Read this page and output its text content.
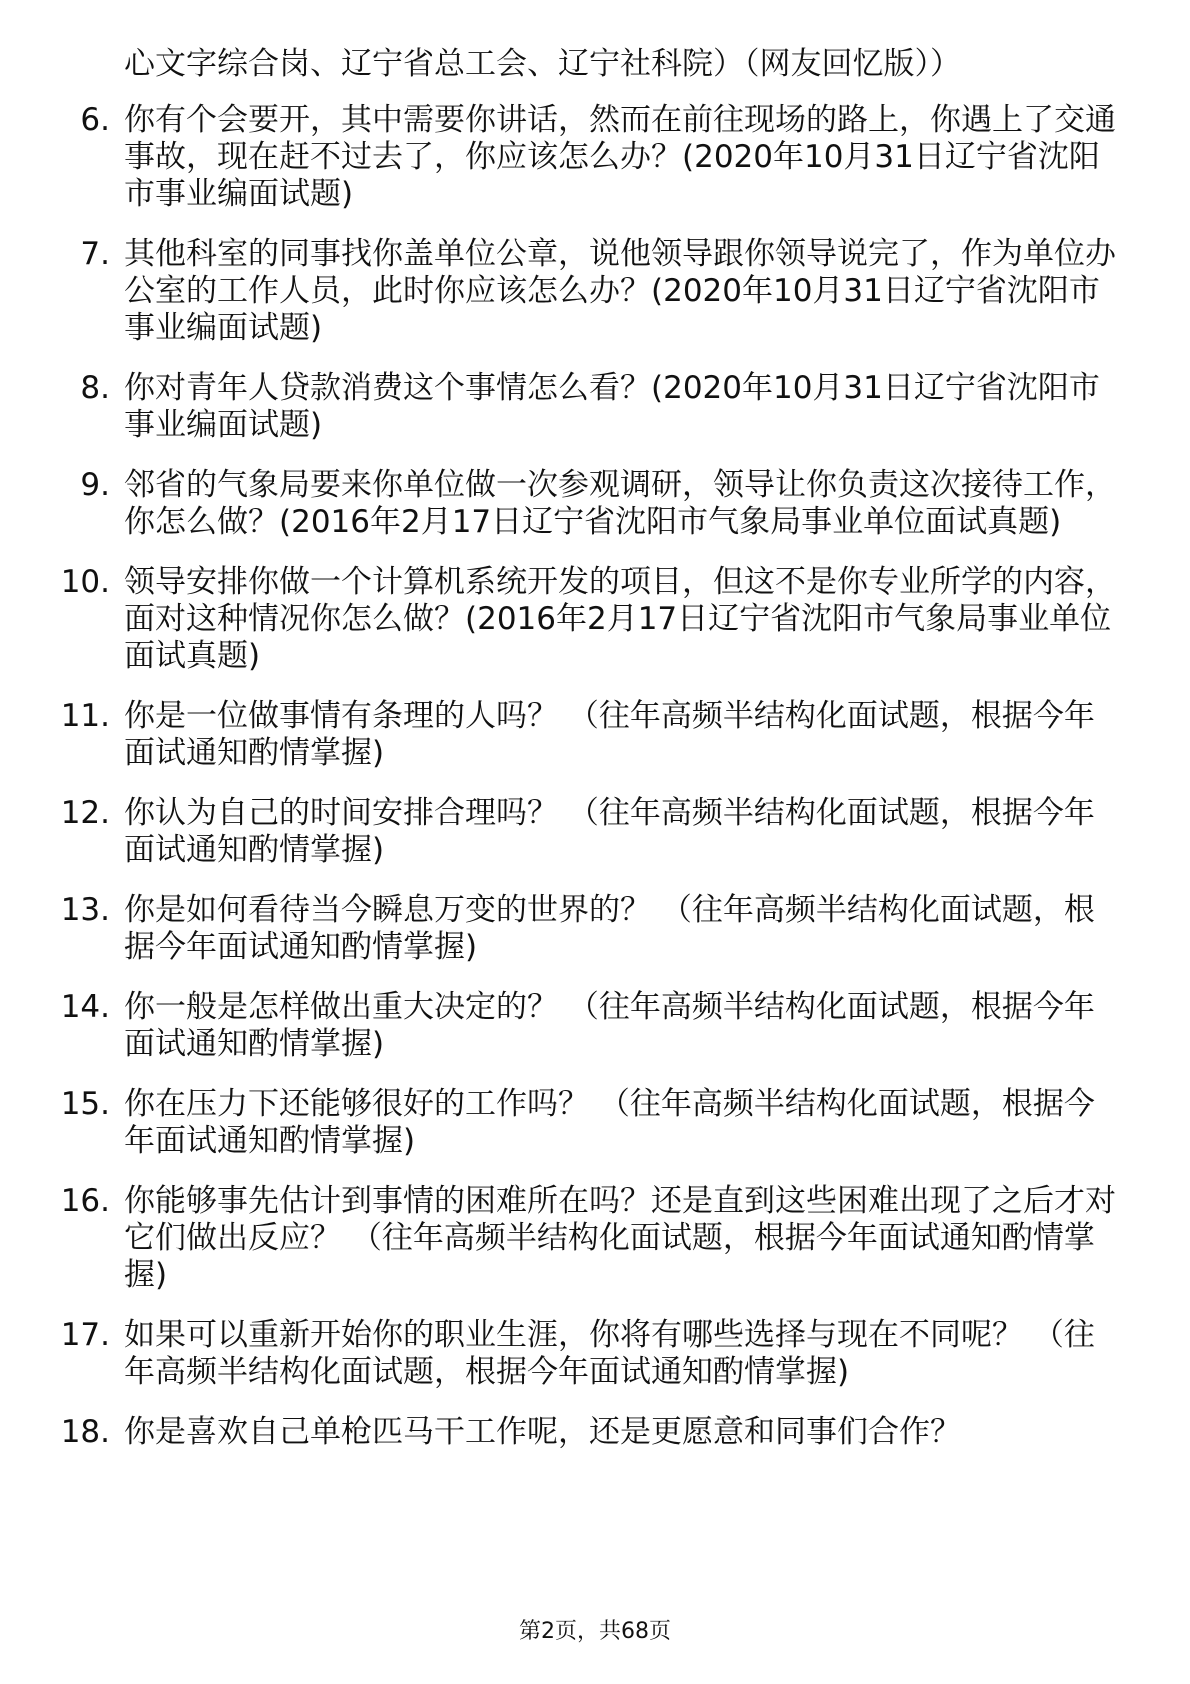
心文字综合岗、辽宁省总工会、辽宁社科院）（网友回忆版））
6. 你有个会要开，其中需要你讲话，然而在前往现场的路上，你遇上了交通事故，现在赶不过去了，你应该怎么办？(2020年10月31日辽宁省沈阳市事业编面试题)
7. 其他科室的同事找你盖单位公章，说他领导跟你领导说完了，作为单位办公室的工作人员，此时你应该怎么办？(2020年10月31日辽宁省沈阳市事业编面试题)
8. 你对青年人贷款消费这个事情怎么看？(2020年10月31日辽宁省沈阳市事业编面试题)
9. 邻省的气象局要来你单位做一次参观调研，领导让你负责这次接待工作，你怎么做？(2016年2月17日辽宁省沈阳市气象局事业单位面试真题)
10. 领导安排你做一个计算机系统开发的项目，但这不是你专业所学的内容，面对这种情况你怎么做？(2016年2月17日辽宁省沈阳市气象局事业单位面试真题)
11. 你是一位做事情有条理的人吗？ （往年高频半结构化面试题，根据今年面试通知酌情掌握)
12. 你认为自己的时间安排合理吗？ （往年高频半结构化面试题，根据今年面试通知酌情掌握)
13. 你是如何看待当今瞬息万变的世界的？ （往年高频半结构化面试题，根据今年面试通知酌情掌握)
14. 你一般是怎样做出重大决定的？ （往年高频半结构化面试题，根据今年面试通知酌情掌握)
15. 你在压力下还能够很好的工作吗？ （往年高频半结构化面试题，根据今年面试通知酌情掌握)
16. 你能够事先估计到事情的困难所在吗？还是直到这些困难出现了之后才对它们做出反应？ （往年高频半结构化面试题，根据今年面试通知酌情掌握)
17. 如果可以重新开始你的职业生涯，你将有哪些选择与现在不同呢？ （往年高频半结构化面试题，根据今年面试通知酌情掌握)
18. 你是喜欢自己单枪匹马干工作呢，还是更愿意和同事们合作？
第2页，共68页
